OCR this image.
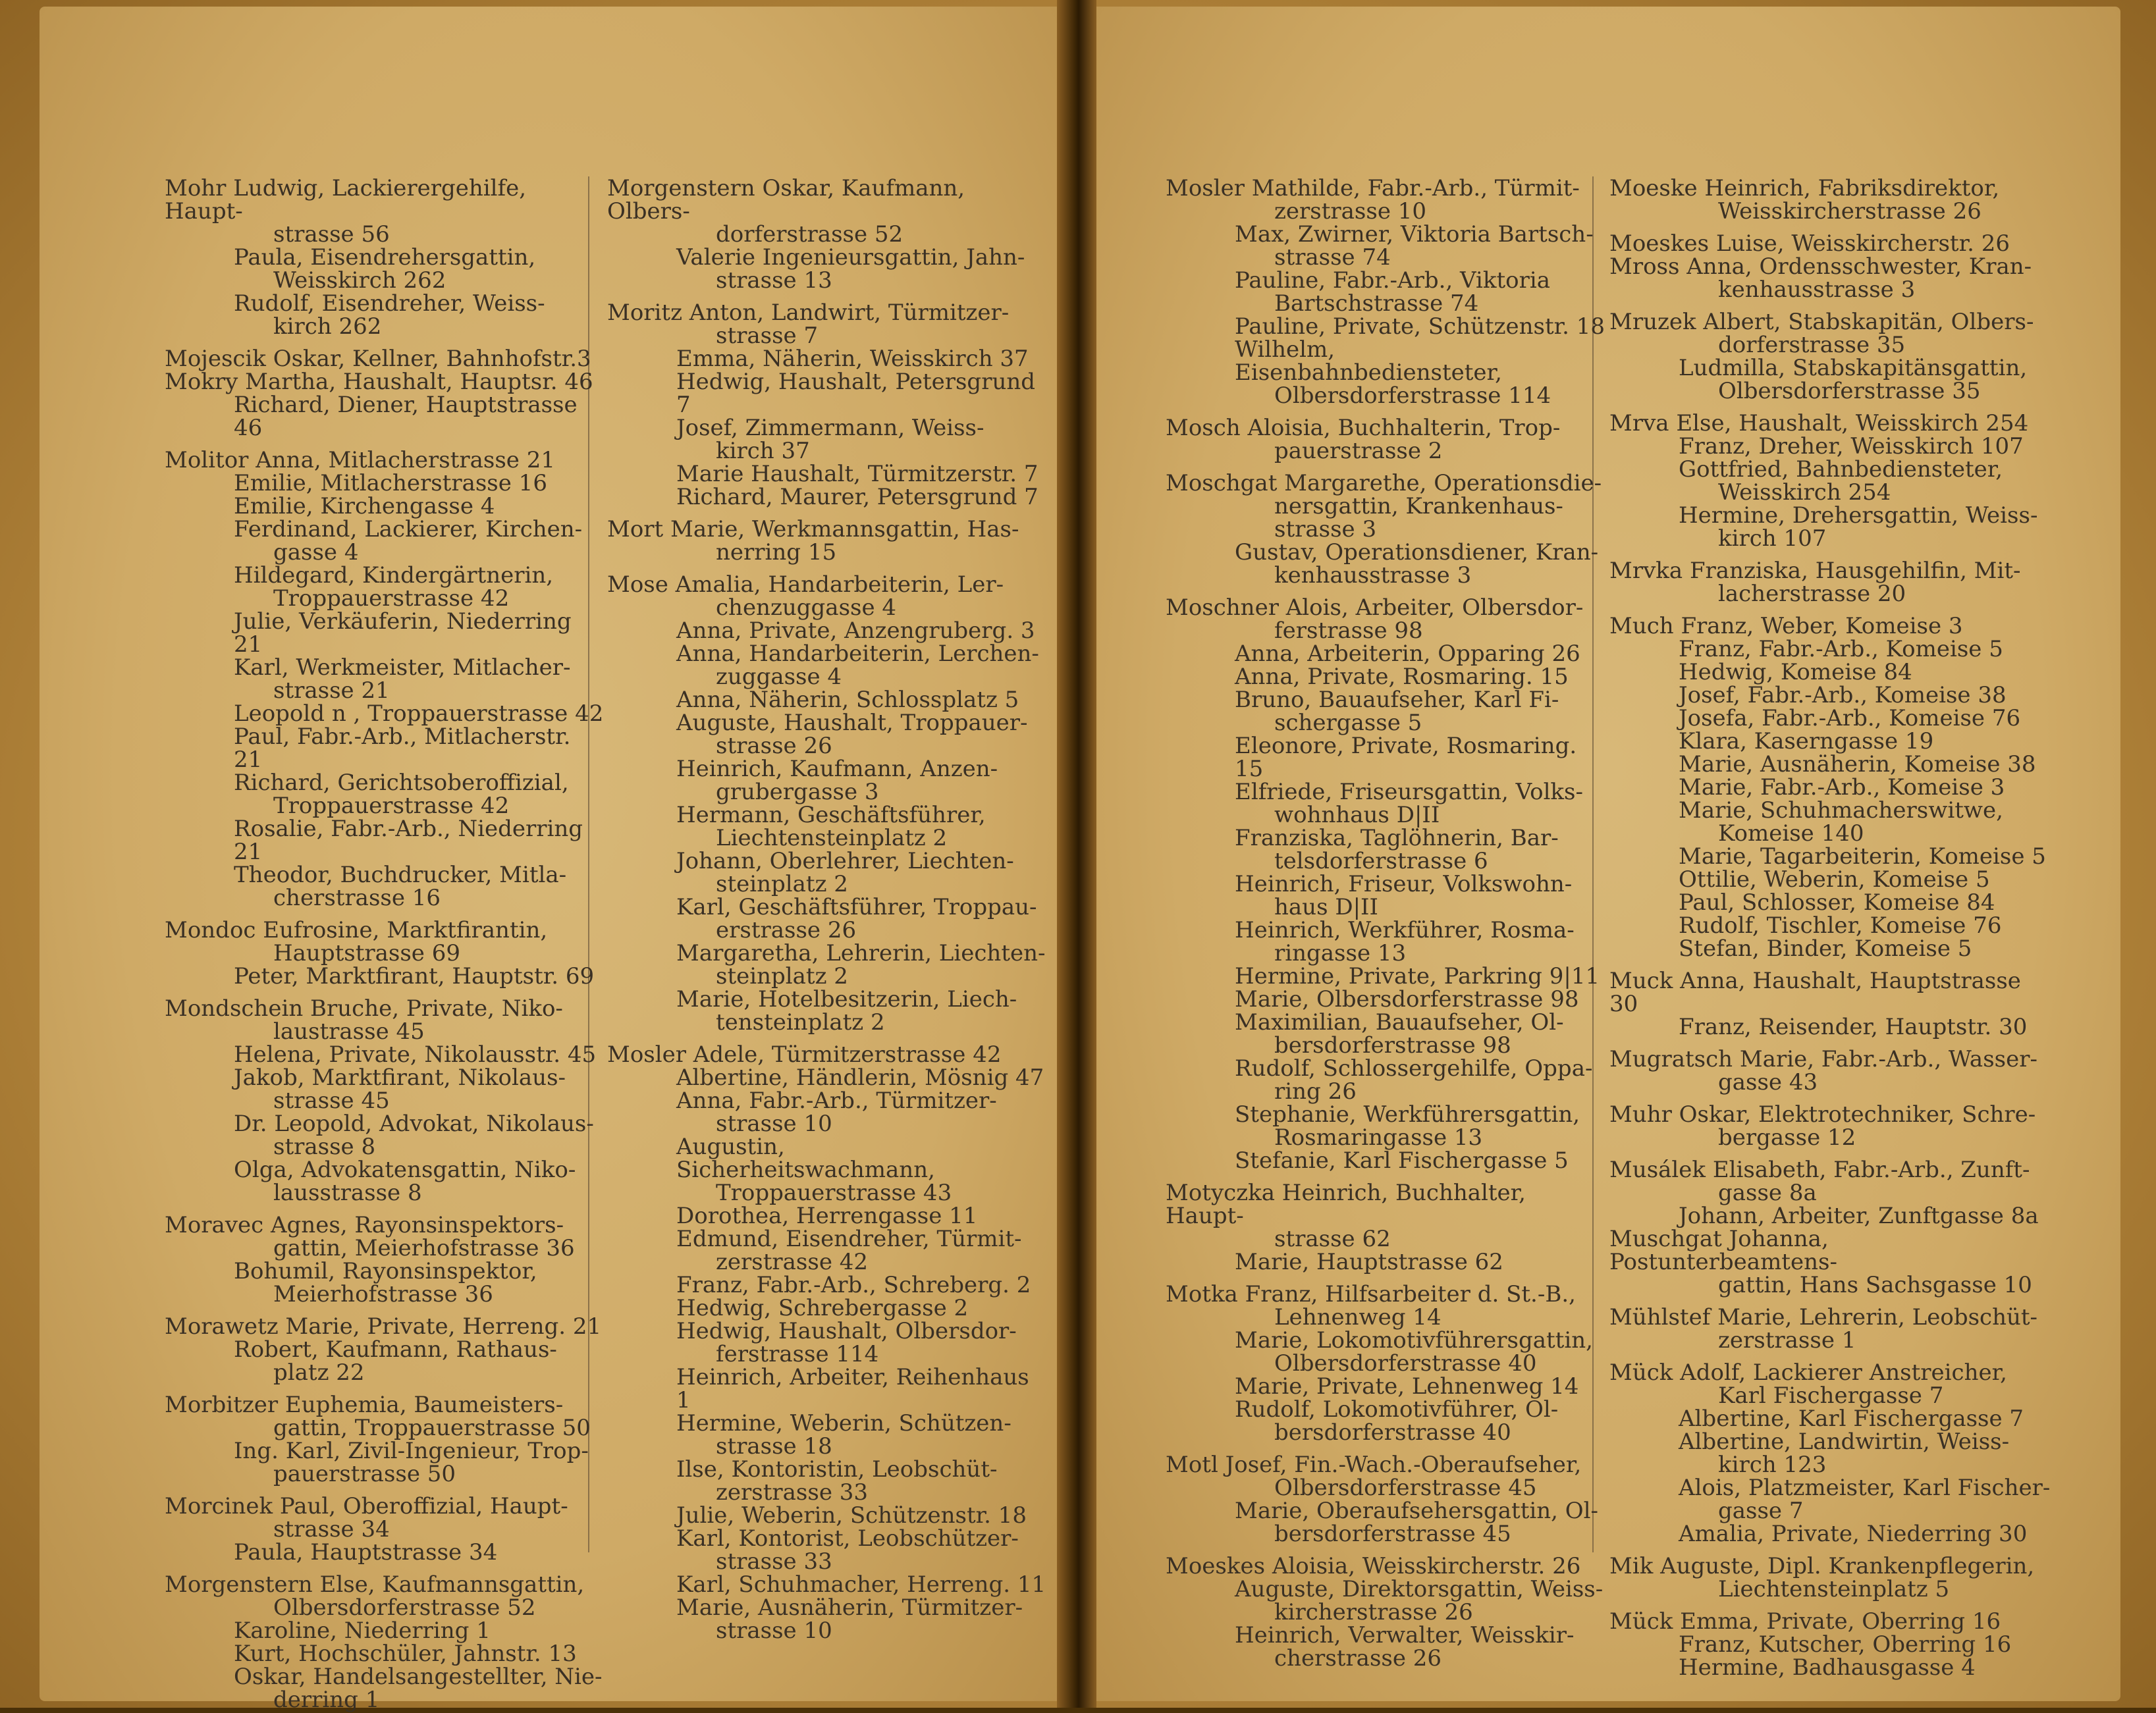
Mohr Ludwig, Lackierergehilfe, Haupt-
strasse 56
Paula, Eisendrehersgattin,
Weisskirch 262
Rudolf, Eisendreher, Weiss-
kirch 262
Mojescik Oskar, Kellner, Bahnhofstr.3
Mokry Martha, Haushalt, Hauptsr. 46
Richard, Diener, Hauptstrasse 46
Molitor Anna, Mitlacherstrasse 21
Emilie, Mitlacherstrasse 16
Emilie, Kirchengasse 4
Ferdinand, Lackierer, Kirchen-
gasse 4
Hildegard, Kindergärtnerin,
Troppauerstrasse 42
Julie, Verkäuferin, Niederring 21
Karl, Werkmeister, Mitlacher-
strasse 21
Leopold n , Troppauerstrasse 42
Paul, Fabr.-Arb., Mitlacherstr. 21
Richard, Gerichtsoberoffizial,
Troppauerstrasse 42
Rosalie, Fabr.-Arb., Niederring 21
Theodor, Buchdrucker, Mitla-
cherstrasse 16
Mondoc Eufrosine, Marktfirantin,
Hauptstrasse 69
Peter, Marktfirant, Hauptstr. 69
Mondschein Bruche, Private, Niko-
laustrasse 45
Helena, Private, Nikolausstr. 45
Jakob, Marktfirant, Nikolaus-
strasse 45
Dr. Leopold, Advokat, Nikolaus-
strasse 8
Olga, Advokatensgattin, Niko-
lausstrasse 8
Moravec Agnes, Rayonsinspektors-
gattin, Meierhofstrasse 36
Bohumil, Rayonsinspektor,
Meierhofstrasse 36
Morawetz Marie, Private, Herreng. 21
Robert, Kaufmann, Rathaus-
platz 22
Morbitzer Euphemia, Baumeisters-
gattin, Troppauerstrasse 50
Ing. Karl, Zivil-Ingenieur, Trop-
pauerstrasse 50
Morcinek Paul, Oberoffizial, Haupt-
strasse 34
Paula, Hauptstrasse 34
Morgenstern Else, Kaufmannsgattin,
Olbersdorferstrasse 52
Karoline, Niederring 1
Kurt, Hochschüler, Jahnstr. 13
Oskar, Handelsangestellter, Nie-
derring 1
Morgenstern Oskar, Kaufmann, Olbers-
dorferstrasse 52
Valerie Ingenieursgattin, Jahn-
strasse 13
Moritz Anton, Landwirt, Türmitzer-
strasse 7
Emma, Näherin, Weisskirch 37
Hedwig, Haushalt, Petersgrund 7
Josef, Zimmermann, Weiss-
kirch 37
Marie Haushalt, Türmitzerstr. 7
Richard, Maurer, Petersgrund 7
Mort Marie, Werkmannsgattin, Has-
nerring 15
Mose Amalia, Handarbeiterin, Ler-
chenzuggasse 4
Anna, Private, Anzengruberg. 3
Anna, Handarbeiterin, Lerchen-
zuggasse 4
Anna, Näherin, Schlossplatz 5
Auguste, Haushalt, Troppauer-
strasse 26
Heinrich, Kaufmann, Anzen-
grubergasse 3
Hermann, Geschäftsführer,
Liechtensteinplatz 2
Johann, Oberlehrer, Liechten-
steinplatz 2
Karl, Geschäftsführer, Troppau-
erstrasse 26
Margaretha, Lehrerin, Liechten-
steinplatz 2
Marie, Hotelbesitzerin, Liech-
tensteinplatz 2
Mosler Adele, Türmitzerstrasse 42
Albertine, Händlerin, Mösnig 47
Anna, Fabr.-Arb., Türmitzer-
strasse 10
Augustin, Sicherheitswachmann,
Troppauerstrasse 43
Dorothea, Herrengasse 11
Edmund, Eisendreher, Türmit-
zerstrasse 42
Franz, Fabr.-Arb., Schreberg. 2
Hedwig, Schrebergasse 2
Hedwig, Haushalt, Olbersdor-
ferstrasse 114
Heinrich, Arbeiter, Reihenhaus 1
Hermine, Weberin, Schützen-
strasse 18
Ilse, Kontoristin, Leobschüt-
zerstrasse 33
Julie, Weberin, Schützenstr. 18
Karl, Kontorist, Leobschützer-
strasse 33
Karl, Schuhmacher, Herreng. 11
Marie, Ausnäherin, Türmitzer-
strasse 10
Mosler Mathilde, Fabr.-Arb., Türmit-
zerstrasse 10
Max, Zwirner, Viktoria Bartsch-
strasse 74
Pauline, Fabr.-Arb., Viktoria
Bartschstrasse 74
Pauline, Private, Schützenstr. 18
Wilhelm, Eisenbahnbediensteter,
Olbersdorferstrasse 114
Mosch Aloisia, Buchhalterin, Trop-
pauerstrasse 2
Moschgat Margarethe, Operationsdie-
nersgattin, Krankenhaus-
strasse 3
Gustav, Operationsdiener, Kran-
kenhausstrasse 3
Moschner Alois, Arbeiter, Olbersdor-
ferstrasse 98
Anna, Arbeiterin, Opparing 26
Anna, Private, Rosmaring. 15
Bruno, Bauaufseher, Karl Fi-
schergasse 5
Eleonore, Private, Rosmaring. 15
Elfriede, Friseursgattin, Volks-
wohnhaus D|II
Franziska, Taglöhnerin, Bar-
telsdorferstrasse 6
Heinrich, Friseur, Volkswohn-
haus D|II
Heinrich, Werkführer, Rosma-
ringasse 13
Hermine, Private, Parkring 9|11
Marie, Olbersdorferstrasse 98
Maximilian, Bauaufseher, Ol-
bersdorferstrasse 98
Rudolf, Schlossergehilfe, Oppa-
ring 26
Stephanie, Werkführersgattin,
Rosmaringasse 13
Stefanie, Karl Fischergasse 5
Motyczka Heinrich, Buchhalter, Haupt-
strasse 62
Marie, Hauptstrasse 62
Motka Franz, Hilfsarbeiter d. St.-B.,
Lehnenweg 14
Marie, Lokomotivführersgattin,
Olbersdorferstrasse 40
Marie, Private, Lehnenweg 14
Rudolf, Lokomotivführer, Ol-
bersdorferstrasse 40
Motl Josef, Fin.-Wach.-Oberaufseher,
Olbersdorferstrasse 45
Marie, Oberaufsehersgattin, Ol-
bersdorferstrasse 45
Moeskes Aloisia, Weisskircherstr. 26
Auguste, Direktorsgattin, Weiss-
kircherstrasse 26
Heinrich, Verwalter, Weisskir-
cherstrasse 26
Moeske Heinrich, Fabriksdirektor,
Weisskircherstrasse 26
Moeskes Luise, Weisskircherstr. 26
Mross Anna, Ordensschwester, Kran-
kenhausstrasse 3
Mruzek Albert, Stabskapitän, Olbers-
dorferstrasse 35
Ludmilla, Stabskapitänsgattin,
Olbersdorferstrasse 35
Mrva Else, Haushalt, Weisskirch 254
Franz, Dreher, Weisskirch 107
Gottfried, Bahnbediensteter,
Weisskirch 254
Hermine, Drehersgattin, Weiss-
kirch 107
Mrvka Franziska, Hausgehilfin, Mit-
lacherstrasse 20
Much Franz, Weber, Komeise 3
Franz, Fabr.-Arb., Komeise 5
Hedwig, Komeise 84
Josef, Fabr.-Arb., Komeise 38
Josefa, Fabr.-Arb., Komeise 76
Klara, Kaserngasse 19
Marie, Ausnäherin, Komeise 38
Marie, Fabr.-Arb., Komeise 3
Marie, Schuhmacherswitwe,
Komeise 140
Marie, Tagarbeiterin, Komeise 5
Ottilie, Weberin, Komeise 5
Paul, Schlosser, Komeise 84
Rudolf, Tischler, Komeise 76
Stefan, Binder, Komeise 5
Muck Anna, Haushalt, Hauptstrasse 30
Franz, Reisender, Hauptstr. 30
Mugratsch Marie, Fabr.-Arb., Wasser-
gasse 43
Muhr Oskar, Elektrotechniker, Schre-
bergasse 12
Musálek Elisabeth, Fabr.-Arb., Zunft-
gasse 8a
Johann, Arbeiter, Zunftgasse 8a
Muschgat Johanna, Postunterbeamtens-
gattin, Hans Sachsgasse 10
Mühlstef Marie, Lehrerin, Leobschüt-
zerstrasse 1
Mück Adolf, Lackierer Anstreicher,
Karl Fischergasse 7
Albertine, Karl Fischergasse 7
Albertine, Landwirtin, Weiss-
kirch 123
Alois, Platzmeister, Karl Fischer-
gasse 7
Amalia, Private, Niederring 30
Mik Auguste, Dipl. Krankenpflegerin,
Liechtensteinplatz 5
Mück Emma, Private, Oberring 16
Franz, Kutscher, Oberring 16
Hermine, Badhausgasse 4
